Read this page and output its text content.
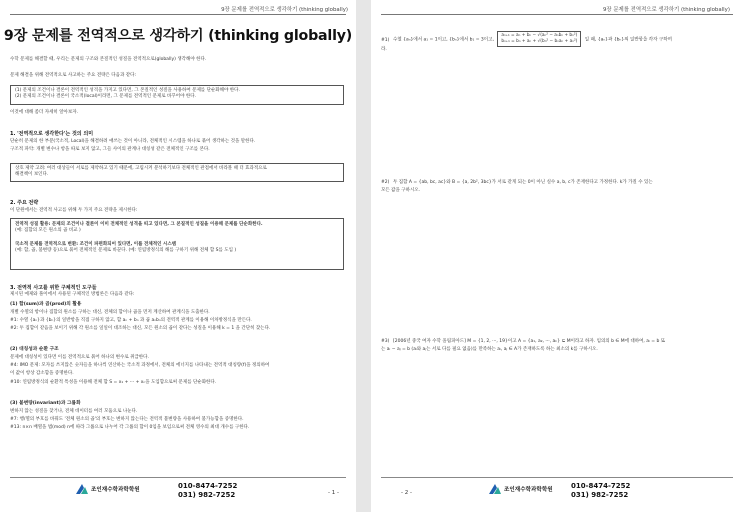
9장 문제를 전역적으로 생각하기 (thinking globally)
9장 문제를 전역적으로 생각하기 (thinking globally)
수학 문제를 해결할 때, 우리는 문제의 구조와 본질적인 성질을 전역적으로(globally) 생각해야 한다.
문제 해결을 위해 전역적으로 사고하는 주요 전략은 다음과 같다:
(1) 문제의 조건이나 결론이 전역적인 성격을 가지고 있다면, 그 본질적인 성질을 사용하여 문제를 단순화해야 한다.
(2) 문제의 조건이나 결론이 국소적(local)이라면, 그 문제를 전역적인 문제로 바꾸어야 한다.
이것에 대해 좀더 자세히 알아보자.
1. '전역적으로 생각한다'는 것의 의미
단순히 문제의 한 부분(국소적, Local)을 해결하려 애쓰는 것이 아니라, 전체적인 시스템을 하나로 묶어 생각하는 것을 말한다.
구조적 파악: 개별 변수나 항을 따로 보지 않고, 그들 사이의 관계나 대칭성 같은 전체적인 구조를 본다.
상호 제약 고려: 여러 대상들이 서로를 제약하고 있기 때문에, 고립시켜 분석하기보다 전체적인 관점에서 바라볼 때 더 효과적으로
해결책이 보인다.
2. 주요 전략
이 단원에서는 전역적 사고를 위해 두 가지 주요 전략을 제시한다:
전역적 성질 활용: 문제의 조건이나 결론이 이미 전체적인 성격을 띠고 있다면, 그 본질적인 성질을 이용해 문제를 단순화한다.
(예: 집합의 모든 원소의 곱 비교 )
국소적 문제를 전역적으로 변환: 조건이 파편화되어 있다면, 이를 전체적인 시스템
(예: 합, 곱, 불변량 등)으로 묶어 전체적인 문제로 바꾼다. (예: 연립방정식의 해를 구하기 위해 전체 합 S를 도입 )
3. 전역적 사고를 위한 구체적인 도구들
제시된 예제와 풀이에서 사용된 구체적인 방법론은 다음과 같다:
(1) 합(sum)과 곱(prod)의 활용
개별 수열의 항이나 집합의 원소를 구하는 대신, 전체의 합이나 곱을 먼저 계산하여 관계식을 도출한다.
#1: 수열 {aₙ}과 {bₙ}의 일반항을 직접 구하지 않고, 합 aₙ + bₙ 과 곱 aₙbₙ의 전역적 관계를 이용해 이차방정식을 만든다.
#2: 두 집합이 같음을 보이기 위해 각 원소를 일일이 대조하는 대신, 모든 원소의 곱이 같다는 성질을 이용해 k = 1 을 간단히 찾는다.
(2) 대칭성과 순환 구조
문제에 대칭성이 있다면 이를 전역적으로 묶어 하나의 변수로 취급한다.
#4: IMO 문제: 모자를 쓰지않은 숫자들을 하나씩 연산하는 국소적 과정에서, 전체의 에너지를 나타내는 전역적 대칭량(f)을 정의하여
이 값이 항상 감소함을 증명한다.
#10: 연립방정식의 순환적 특성을 이용해 전체 합 S = x₁ + ··· + xₙ을 도입함으로써 문제를 단순화한다.
(3) 불변량(invariant)과 그룹화
변하지 않는 성질을 찾거나, 전체 데이터를 여러 모둠으로 나눈다.
#7: 행/열의 부호를 바꿔도 '전체 원소의 곱'의 부호는 변하지 않는다는 전역적 불변량을 사용하여 불가능함을 증명한다.
#13: n×n 배열을 법(mod) n에 따라 그룹으로 나누어 각 그룹의 합이 0임을 보임으로써 전체 영수의 최대 개수를 구한다.
조인재수학과학학원	010-8474-7252
031) 982-7252	- 1 -
9장 문제를 전역적으로 생각하기 (thinking globally)
#1) 수열 {aₙ}에서 a₁ = 1이고, {bₙ}에서 b₁ = 3이고,
aₙ₊₁ = aₙ + bₙ − √(aₙ² − aₙbₙ + bₙ²)
bₙ₊₁ = bₙ + aₙ + √(bₙ² − bₙaₙ + aₙ²) 일 때, {aₙ}과 {bₙ}의 일반항을 각자 구하여
라.
#2) 두 집합 A = {ab, bc, ac}와 B = {a, 2b², 3bc}가 서로 같게 되는 0이 아닌 실수 a, b, c가 존재한다고 가정한다. k가 가질 수 있는
모든 값을 구하시오.
#3) [2006년 중국 여자 수학 올림피아드] M = {1, 2, ···, 19}이고 A = {a₁, a₂, ···, aₖ} ⊆ M이라고 하자. 임의의 b ∈ M에 대하여, aᵢ = b 또
는 aᵢ − aⱼ = b (aᵢ와 aⱼ는 서로 다를 필요 없음)를 만족하는 aᵢ, aⱼ ∈ A가 존재하도록 하는 최소의 k를 구하시오.
- 2 -	조인재수학과학학원	010-8474-7252
031) 982-7252
